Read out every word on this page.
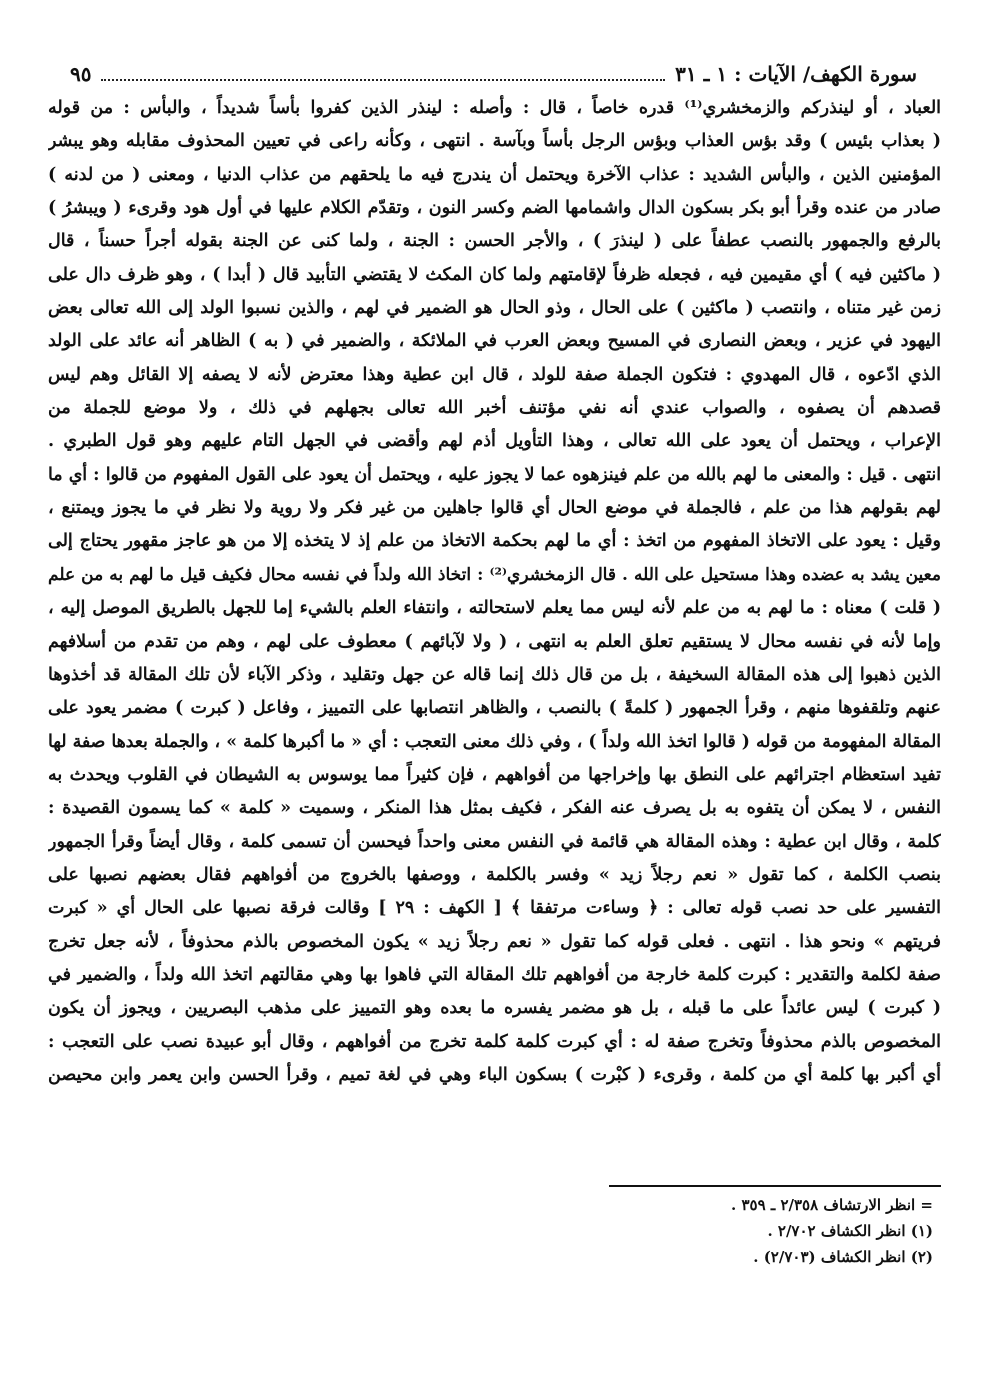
سورة الكهف/ الآيات : ١ ـ ٣١
٩٥
العباد ، أو لينذركم والزمخشري⁽¹⁾ قدره خاصاً ، قال : وأصله : لينذر الذين كفروا بأساً شديداً ، والبأس : من قوله
( بعذاب بئيس ) وقد بؤس العذاب وبؤس الرجل بأساً وبآسة . انتهى ، وكأنه راعى في تعيين المحذوف مقابله وهو يبشر
المؤمنين الذين ، والبأس الشديد : عذاب الآخرة ويحتمل أن يندرج فيه ما يلحقهم من عذاب الدنيا ، ومعنى ( من لدنه )
صادر من عنده وقرأ أبو بكر بسكون الدال واشمامها الضم وكسر النون ، وتقدّم الكلام عليها في أول هود وقرىء ( ويبشرُ )
بالرفع والجمهور بالنصب عطفاً على ( لينذرَ ) ، والأجر الحسن : الجنة ، ولما كنى عن الجنة بقوله أجراً حسناً ، قال
( ماكثين فيه ) أي مقيمين فيه ، فجعله ظرفاً لإقامتهم ولما كان المكث لا يقتضي التأبيد قال ( أبدا ) ، وهو ظرف دال على
زمن غير متناه ، وانتصب ( ماكثين ) على الحال ، وذو الحال هو الضمير في لهم ، والذين نسبوا الولد إلى الله تعالى بعض
اليهود في عزير ، وبعض النصارى في المسيح وبعض العرب في الملائكة ، والضمير في ( به ) الظاهر أنه عائد على الولد
الذي ادّعوه ، قال المهدوي : فتكون الجملة صفة للولد ، قال ابن عطية وهذا معترض لأنه لا يصفه إلا القائل وهم ليس
قصدهم أن يصفوه ، والصواب عندي أنه نفي مؤتنف أخبر الله تعالى بجهلهم في ذلك ، ولا موضع للجملة من
الإعراب ، ويحتمل أن يعود على الله تعالى ، وهذا التأويل أذم لهم وأقضى في الجهل التام عليهم وهو قول الطبري .
انتهى . قيل : والمعنى ما لهم بالله من علم فينزهوه عما لا يجوز عليه ، ويحتمل أن يعود على القول المفهوم من قالوا : أي ما
لهم بقولهم هذا من علم ، فالجملة في موضع الحال أي قالوا جاهلين من غير فكر ولا روية ولا نظر في ما يجوز ويمتنع ،
وقيل : يعود على الاتخاذ المفهوم من اتخذ : أي ما لهم بحكمة الاتخاذ من علم إذ لا يتخذه إلا من هو عاجز مقهور يحتاج إلى
معين يشد به عضده وهذا مستحيل على الله . قال الزمخشري⁽²⁾ : اتخاذ الله ولداً في نفسه محال فكيف قيل ما لهم به من علم
( قلت ) معناه : ما لهم به من علم لأنه ليس مما يعلم لاستحالته ، وانتفاء العلم بالشيء إما للجهل بالطريق الموصل إليه ،
وإما لأنه في نفسه محال لا يستقيم تعلق العلم به انتهى ، ( ولا لآبائهم ) معطوف على لهم ، وهم من تقدم من أسلافهم
الذين ذهبوا إلى هذه المقالة السخيفة ، بل من قال ذلك إنما قاله عن جهل وتقليد ، وذكر الآباء لأن تلك المقالة قد أخذوها
عنهم وتلقفوها منهم ، وقرأ الجمهور ( كلمةً ) بالنصب ، والظاهر انتصابها على التمييز ، وفاعل ( كبرت ) مضمر يعود على
المقالة المفهومة من قوله ( قالوا اتخذ الله ولداً ) ، وفي ذلك معنى التعجب : أي « ما أكبرها كلمة » ، والجملة بعدها صفة لها
تفيد استعظام اجترائهم على النطق بها وإخراجها من أفواههم ، فإن كثيراً مما يوسوس به الشيطان في القلوب ويحدث به
النفس ، لا يمكن أن يتفوه به بل يصرف عنه الفكر ، فكيف بمثل هذا المنكر ، وسميت « كلمة » كما يسمون القصيدة :
كلمة ، وقال ابن عطية : وهذه المقالة هي قائمة في النفس معنى واحداً فيحسن أن تسمى كلمة ، وقال أيضاً وقرأ الجمهور
بنصب الكلمة ، كما تقول « نعم رجلاً زيد » وفسر بالكلمة ، ووصفها بالخروج من أفواههم فقال بعضهم نصبها على
التفسير على حد نصب قوله تعالى : ﴿ وساءت مرتفقا ﴾ [ الكهف : ٢٩ ] وقالت فرقة نصبها على الحال أي « كبرت
فريتهم » ونحو هذا . انتهى . فعلى قوله كما تقول « نعم رجلاً زيد » يكون المخصوص بالذم محذوفاً ، لأنه جعل تخرج
صفة لكلمة والتقدير : كبرت كلمة خارجة من أفواههم تلك المقالة التي فاهوا بها وهي مقالتهم اتخذ الله ولداً ، والضمير في
( كبرت ) ليس عائداً على ما قبله ، بل هو مضمر يفسره ما بعده وهو التمييز على مذهب البصريين ، ويجوز أن يكون
المخصوص بالذم محذوفاً وتخرج صفة له : أي كبرت كلمة كلمة تخرج من أفواههم ، وقال أبو عبيدة نصب على التعجب :
أي أكبر بها كلمة أي من كلمة ، وقرىء ( كبْرت ) بسكون الباء وهي في لغة تميم ، وقرأ الحسن وابن يعمر وابن محيصن
= انظر الارتشاف ٢/٣٥٨ ـ ٣٥٩ .
(١) انظر الكشاف ٢/٧٠٢ .
(٢) انظر الكشاف (٢/٧٠٣) .
